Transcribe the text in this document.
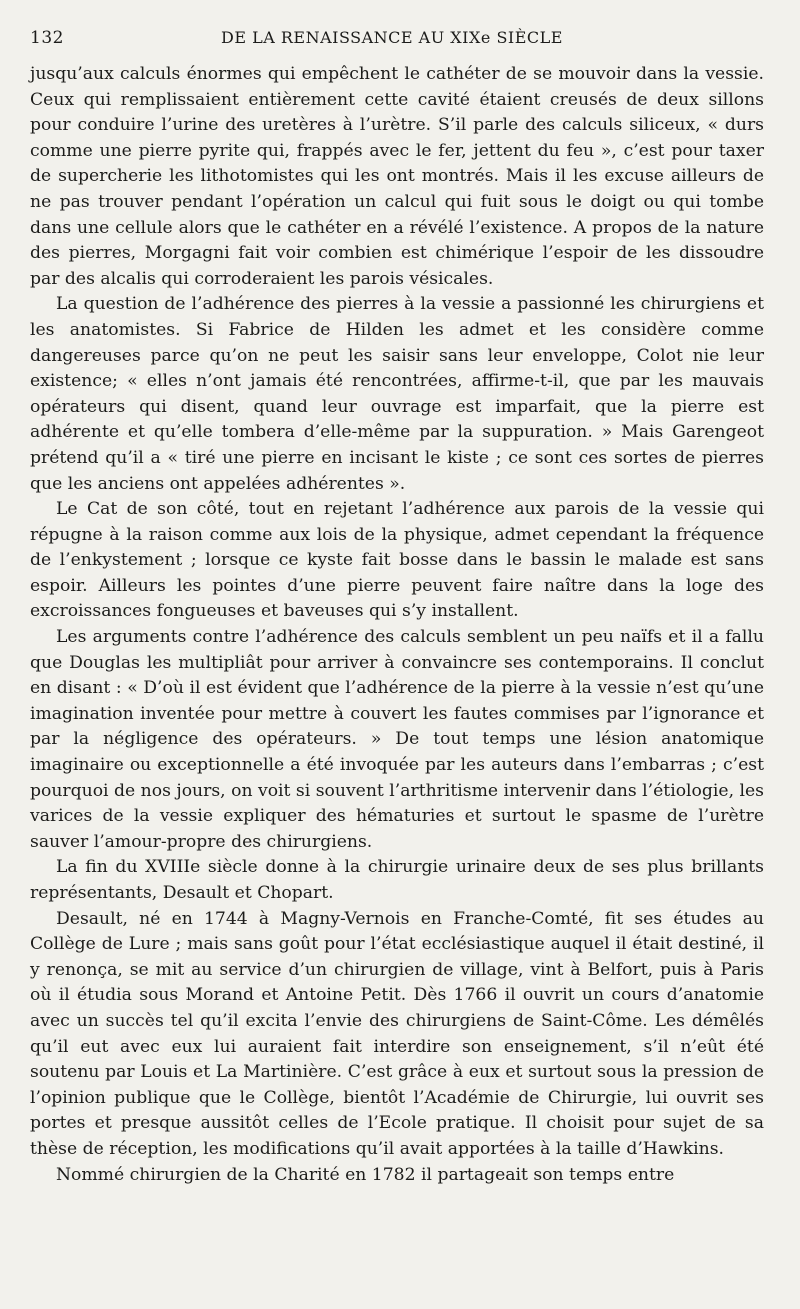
132	DE LA RENAISSANCE AU XIXe SIÈCLE

jusqu’aux calculs énormes qui empêchent le cathéter de se mouvoir dans la vessie. Ceux qui remplissaient entièrement cette cavité étaient creusés de deux sillons pour conduire l’urine des uretères à l’urètre. S’il parle des calculs siliceux, « durs comme une pierre pyrite qui, frappés avec le fer, jettent du feu », c’est pour taxer de supercherie les lithotomistes qui les ont montrés. Mais il les excuse ailleurs de ne pas trouver pendant l’opération un calcul qui fuit sous le doigt ou qui tombe dans une cellule alors que le cathéter en a révélé l’existence. A propos de la nature des pierres, Morgagni fait voir combien est chimérique l’espoir de les dissoudre par des alcalis qui corroderaient les parois vésicales.

La question de l’adhérence des pierres à la vessie a passionné les chirurgiens et les anatomistes. Si Fabrice de Hilden les admet et les considère comme dangereuses parce qu’on ne peut les saisir sans leur enveloppe, Colot nie leur existence; « elles n’ont jamais été rencontrées, affirme-t-il, que par les mauvais opérateurs qui disent, quand leur ouvrage est imparfait, que la pierre est adhérente et qu’elle tombera d’elle-même par la suppuration. » Mais Garengeot prétend qu’il a « tiré une pierre en incisant le kiste ; ce sont ces sortes de pierres que les anciens ont appelées adhérentes ».

Le Cat de son côté, tout en rejetant l’adhérence aux parois de la vessie qui répugne à la raison comme aux lois de la physique, admet cependant la fréquence de l’enkystement ; lorsque ce kyste fait bosse dans le bassin le malade est sans espoir. Ailleurs les pointes d’une pierre peuvent faire naître dans la loge des excroissances fongueuses et baveuses qui s’y installent.

Les arguments contre l’adhérence des calculs semblent un peu naïfs et il a fallu que Douglas les multipliât pour arriver à convaincre ses contemporains. Il conclut en disant : « D’où il est évident que l’adhérence de la pierre à la vessie n’est qu’une imagination inventée pour mettre à couvert les fautes commises par l’ignorance et par la négligence des opérateurs. » De tout temps une lésion anatomique imaginaire ou exceptionnelle a été invoquée par les auteurs dans l’embarras ; c’est pourquoi de nos jours, on voit si souvent l’arthritisme intervenir dans l’étiologie, les varices de la vessie expliquer des hématuries et surtout le spasme de l’urètre sauver l’amour-propre des chirurgiens.

La fin du XVIIIe siècle donne à la chirurgie urinaire deux de ses plus brillants représentants, Desault et Chopart.

Desault, né en 1744 à Magny-Vernois en Franche-Comté, fit ses études au Collège de Lure ; mais sans goût pour l’état ecclésiastique auquel il était destiné, il y renonça, se mit au service d’un chirurgien de village, vint à Belfort, puis à Paris où il étudia sous Morand et Antoine Petit. Dès 1766 il ouvrit un cours d’anatomie avec un succès tel qu’il excita l’envie des chirurgiens de Saint-Côme. Les démêlés qu’il eut avec eux lui auraient fait interdire son enseignement, s’il n’eût été soutenu par Louis et La Martinière. C’est grâce à eux et surtout sous la pression de l’opinion publique que le Collège, bientôt l’Académie de Chirurgie, lui ouvrit ses portes et presque aussitôt celles de l’Ecole pratique. Il choisit pour sujet de sa thèse de réception, les modifications qu’il avait apportées à la taille d’Hawkins.

Nommé chirurgien de la Charité en 1782 il partageait son temps entre
